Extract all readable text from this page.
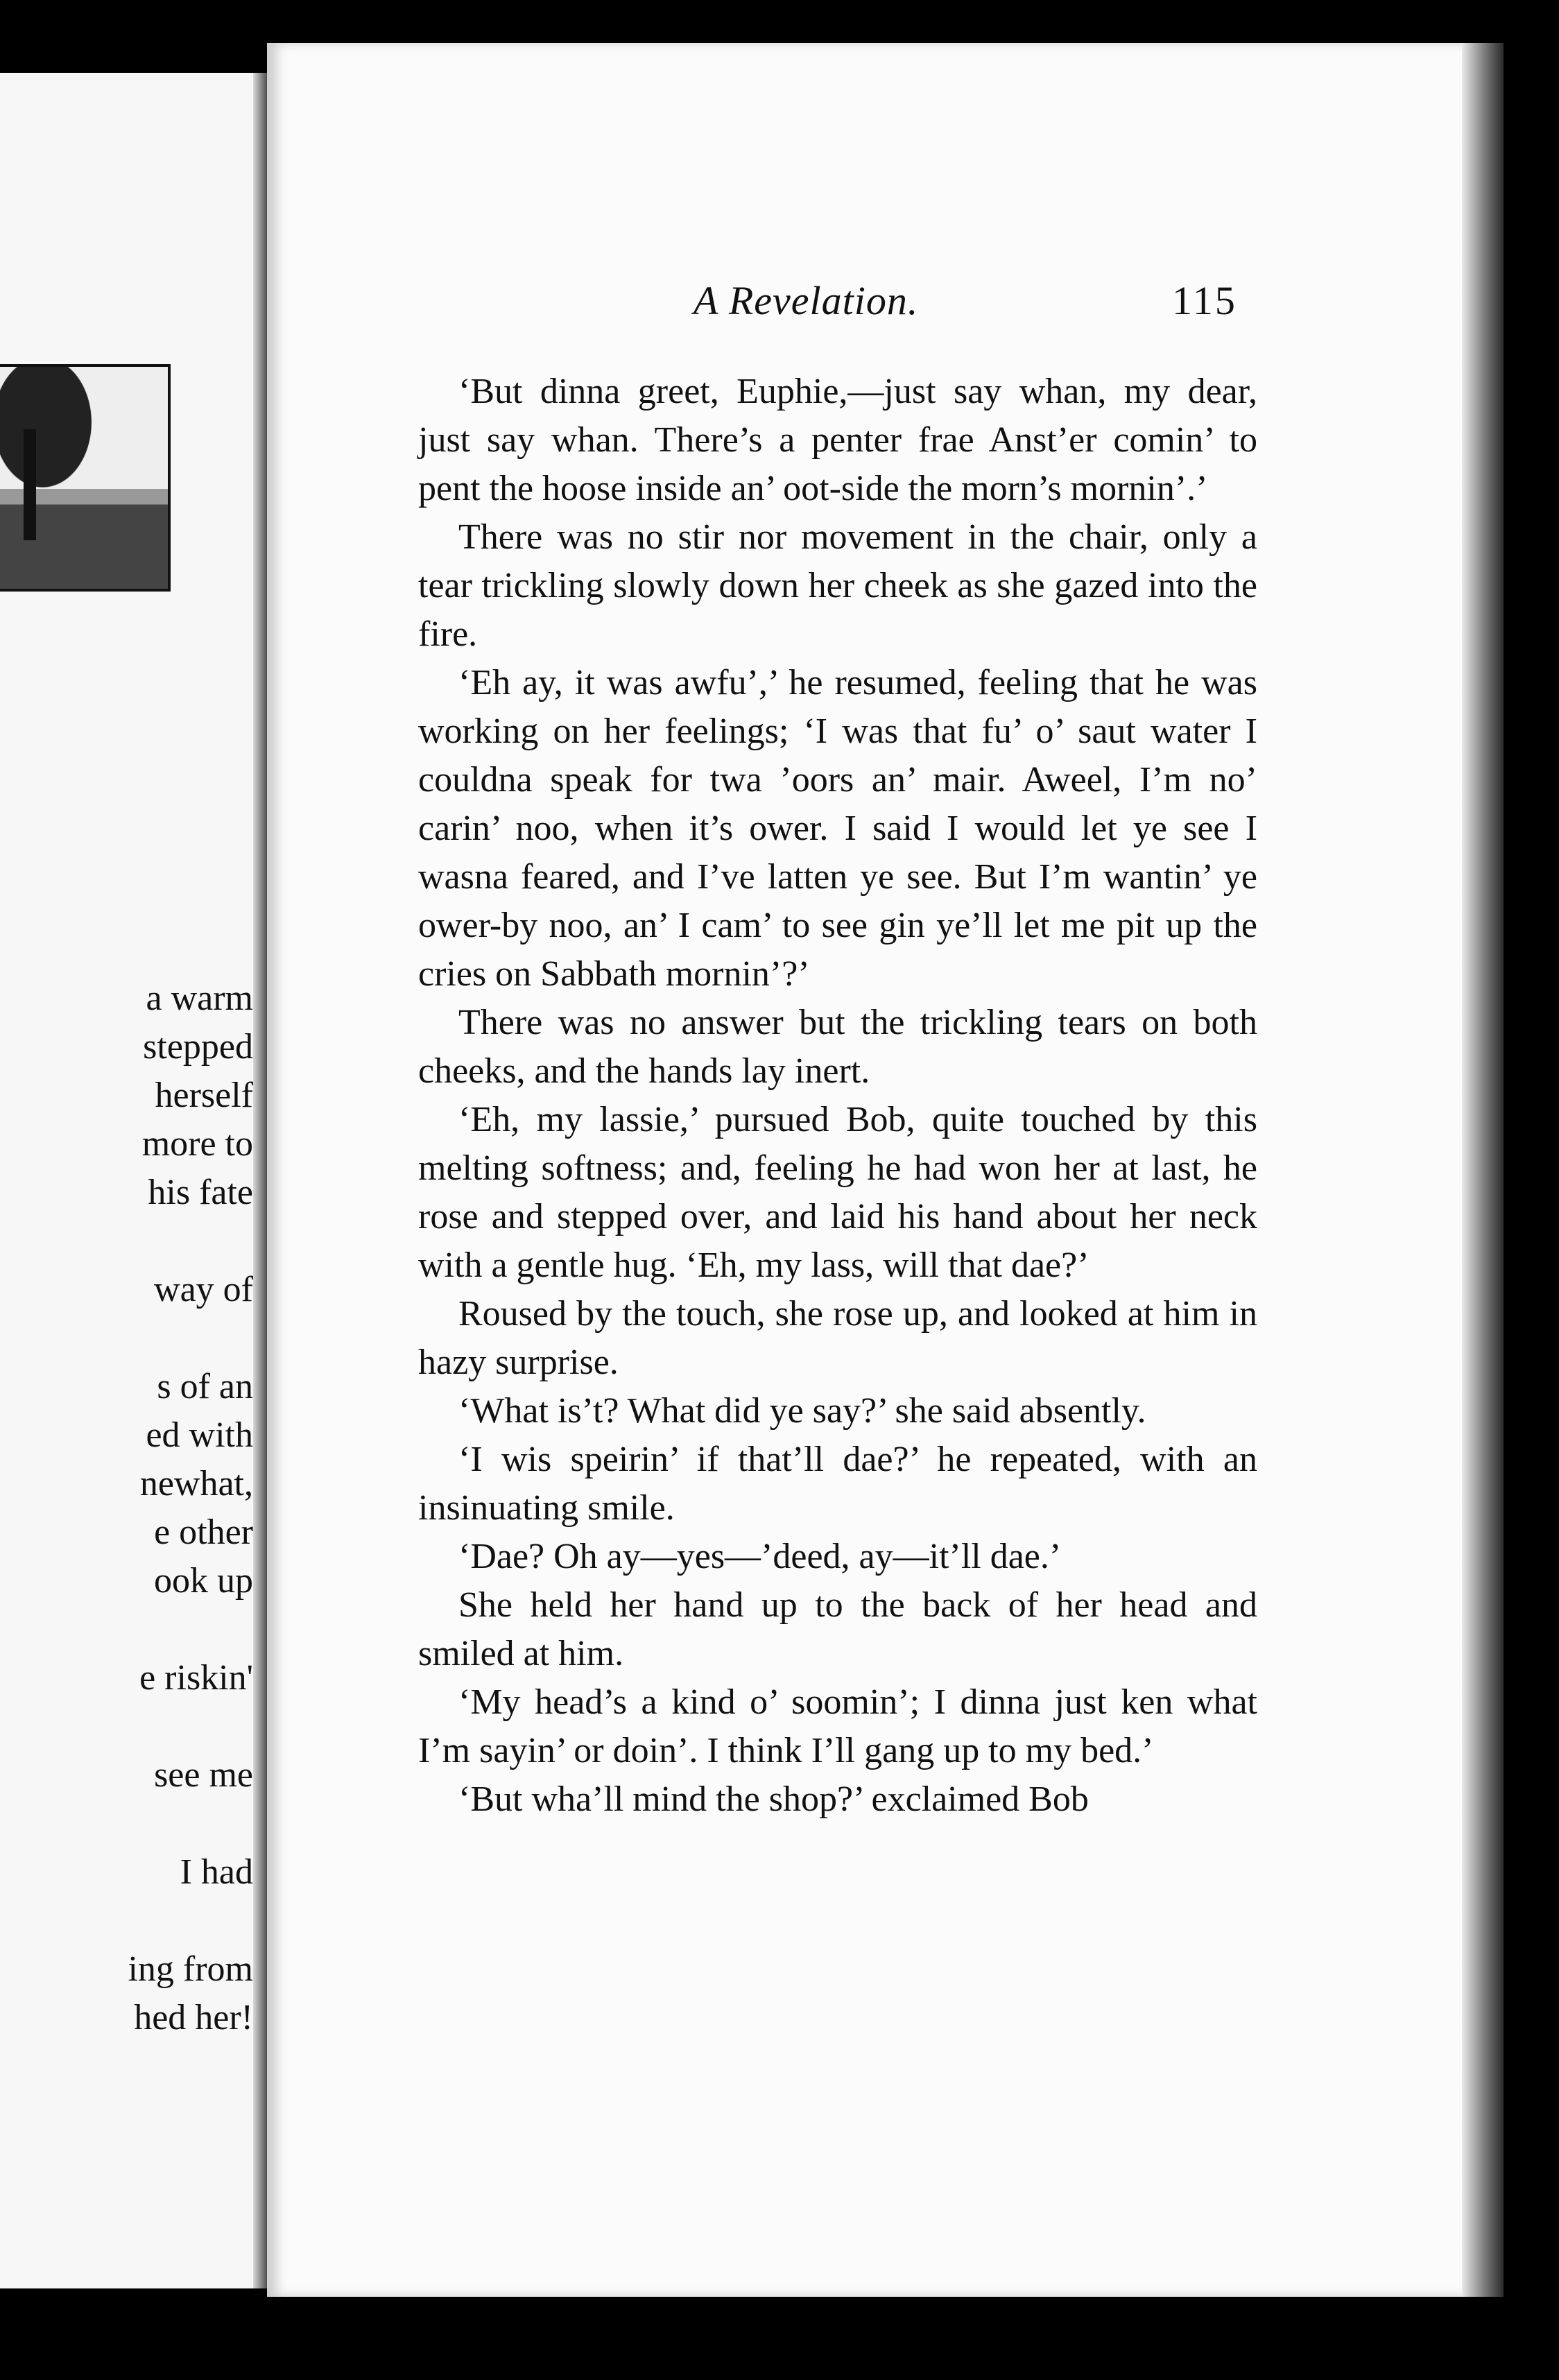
a warm
stepped
herself
more to
his fate
way of
s of an
ed with
newhat,
e other
ook up
e riskin'
see me
I had
ing from
hed her!
A Revelation.	115

‘But dinna greet, Euphie,—just say whan, my dear, just say whan. There’s a penter frae Anst’er comin’ to pent the hoose inside an’ oot-side the morn’s mornin’.’

There was no stir nor movement in the chair, only a tear trickling slowly down her cheek as she gazed into the fire.

‘Eh ay, it was awfu’,’ he resumed, feeling that he was working on her feelings; ‘I was that fu’ o’ saut water I couldna speak for twa ’oors an’ mair. Aweel, I’m no’ carin’ noo, when it’s ower. I said I would let ye see I wasna feared, and I’ve latten ye see. But I’m wantin’ ye ower-by noo, an’ I cam’ to see gin ye’ll let me pit up the cries on Sabbath mornin’?’

There was no answer but the trickling tears on both cheeks, and the hands lay inert.

‘Eh, my lassie,’ pursued Bob, quite touched by this melting softness; and, feeling he had won her at last, he rose and stepped over, and laid his hand about her neck with a gentle hug. ‘Eh, my lass, will that dae?’

Roused by the touch, she rose up, and looked at him in hazy surprise.

‘What is’t? What did ye say?’ she said absently.

‘I wis speirin’ if that’ll dae?’ he repeated, with an insinuating smile.

‘Dae? Oh ay—yes—’deed, ay—it’ll dae.’

She held her hand up to the back of her head and smiled at him.

‘My head’s a kind o’ soomin’; I dinna just ken what I’m sayin’ or doin’. I think I’ll gang up to my bed.’

‘But wha’ll mind the shop?’ exclaimed Bob
